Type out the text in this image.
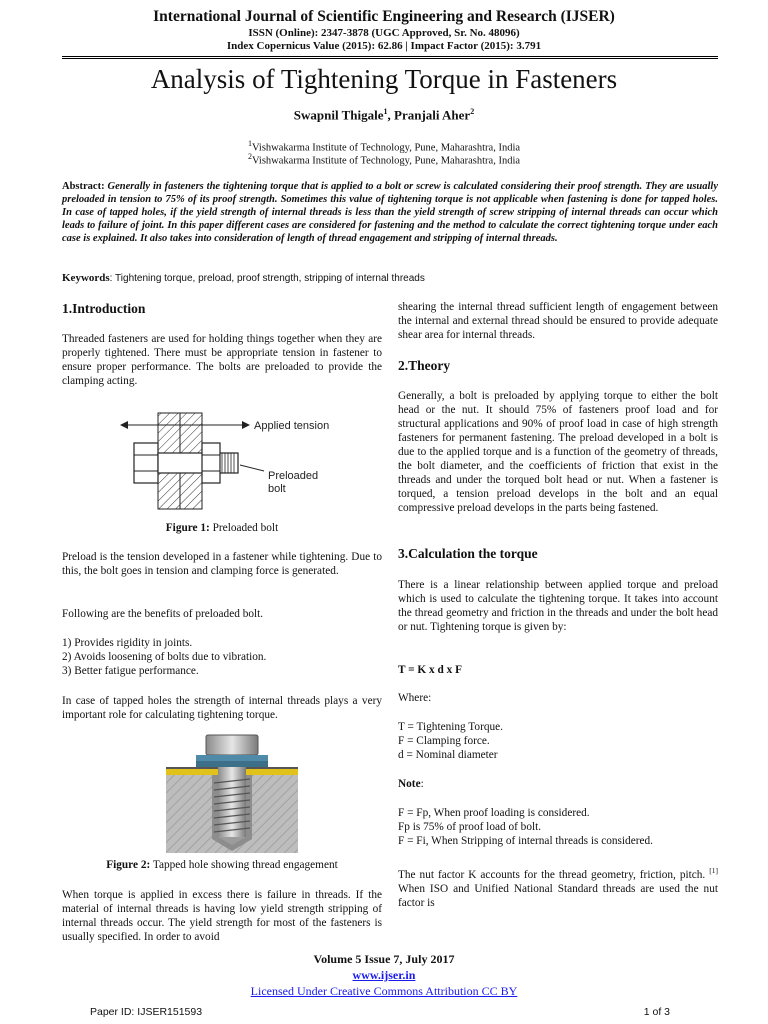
International Journal of Scientific Engineering and Research (IJSER)
ISSN (Online): 2347-3878 (UGC Approved, Sr. No. 48096)
Index Copernicus Value (2015): 62.86 | Impact Factor (2015): 3.791
Analysis of Tightening Torque in Fasteners
Swapnil Thigale$^1$, Pranjali Aher$^2$
$^1$Vishwakarma Institute of Technology, Pune, Maharashtra, India
$^2$Vishwakarma Institute of Technology, Pune, Maharashtra, India
Abstract: Generally in fasteners the tightening torque that is applied to a bolt or screw is calculated considering their proof strength. They are usually preloaded in tension to 75% of its proof strength. Sometimes this value of tightening torque is not applicable when fastening is done for tapped holes. In case of tapped holes, if the yield strength of internal threads is less than the yield strength of screw stripping of internal threads can occur which leads to failure of joint. In this paper different cases are considered for fastening and the method to calculate the correct tightening torque under each case is explained. It also takes into consideration of length of thread engagement and stripping of internal threads.
Keywords: Tightening torque, preload, proof strength, stripping of internal threads
1.Introduction

Threaded fasteners are used for holding things together when they are properly tightened. There must be appropriate tension in fastener to ensure proper performance. The bolts are preloaded to provide the clamping acting.

Applied tension
Preloaded
bolt
Figure 1: Preloaded bolt

Preload is the tension developed in a fastener while tightening. Due to this, the bolt goes in tension and clamping force is generated.

Following are the benefits of preloaded bolt.

1) Provides rigidity in joints.
2) Avoids loosening of bolts due to vibration.
3) Better fatigue performance.

In case of tapped holes the strength of internal threads plays a very important role for calculating tightening torque.

Figure 2: Tapped hole showing thread engagement

When torque is applied in excess there is failure in threads. If the material of internal threads is having low yield strength stripping of internal threads occur. The yield strength for most of the fasteners is usually specified. In order to avoid

shearing the internal thread sufficient length of engagement between the internal and external thread should be ensured to provide adequate shear area for internal threads.

2.Theory

Generally, a bolt is preloaded by applying torque to either the bolt head or the nut. It should 75% of fasteners proof load and for structural applications and 90% of proof load in case of high strength fasteners for permanent fastening. The preload developed in a bolt is due to the applied torque and is a function of the geometry of threads, the bolt diameter, and the coefficients of friction that exist in the threads and under the torqued bolt head or nut. When a fastener is torqued, a tension preload develops in the bolt and an equal compressive preload develops in the parts being fastened.

3.Calculation the torque

There is a linear relationship between applied torque and preload which is used to calculate the tightening torque. It takes into account the thread geometry and friction in the threads and under the bolt head or nut. Tightening torque is given by:

T = K x d x F
Where:
T = Tightening Torque.
F = Clamping force.
d = Nominal diameter
Note:
F = Fp, When proof loading is considered.
Fp is 75% of proof load of bolt.
F = Fi, When Stripping of internal threads is considered.

The nut factor K accounts for the thread geometry, friction, pitch. [1] When ISO and Unified National Standard threads are used the nut factor is

Volume 5 Issue 7, July 2017
www.ijser.in
Licensed Under Creative Commons Attribution CC BY
Paper ID: IJSER151593	1 of 3
